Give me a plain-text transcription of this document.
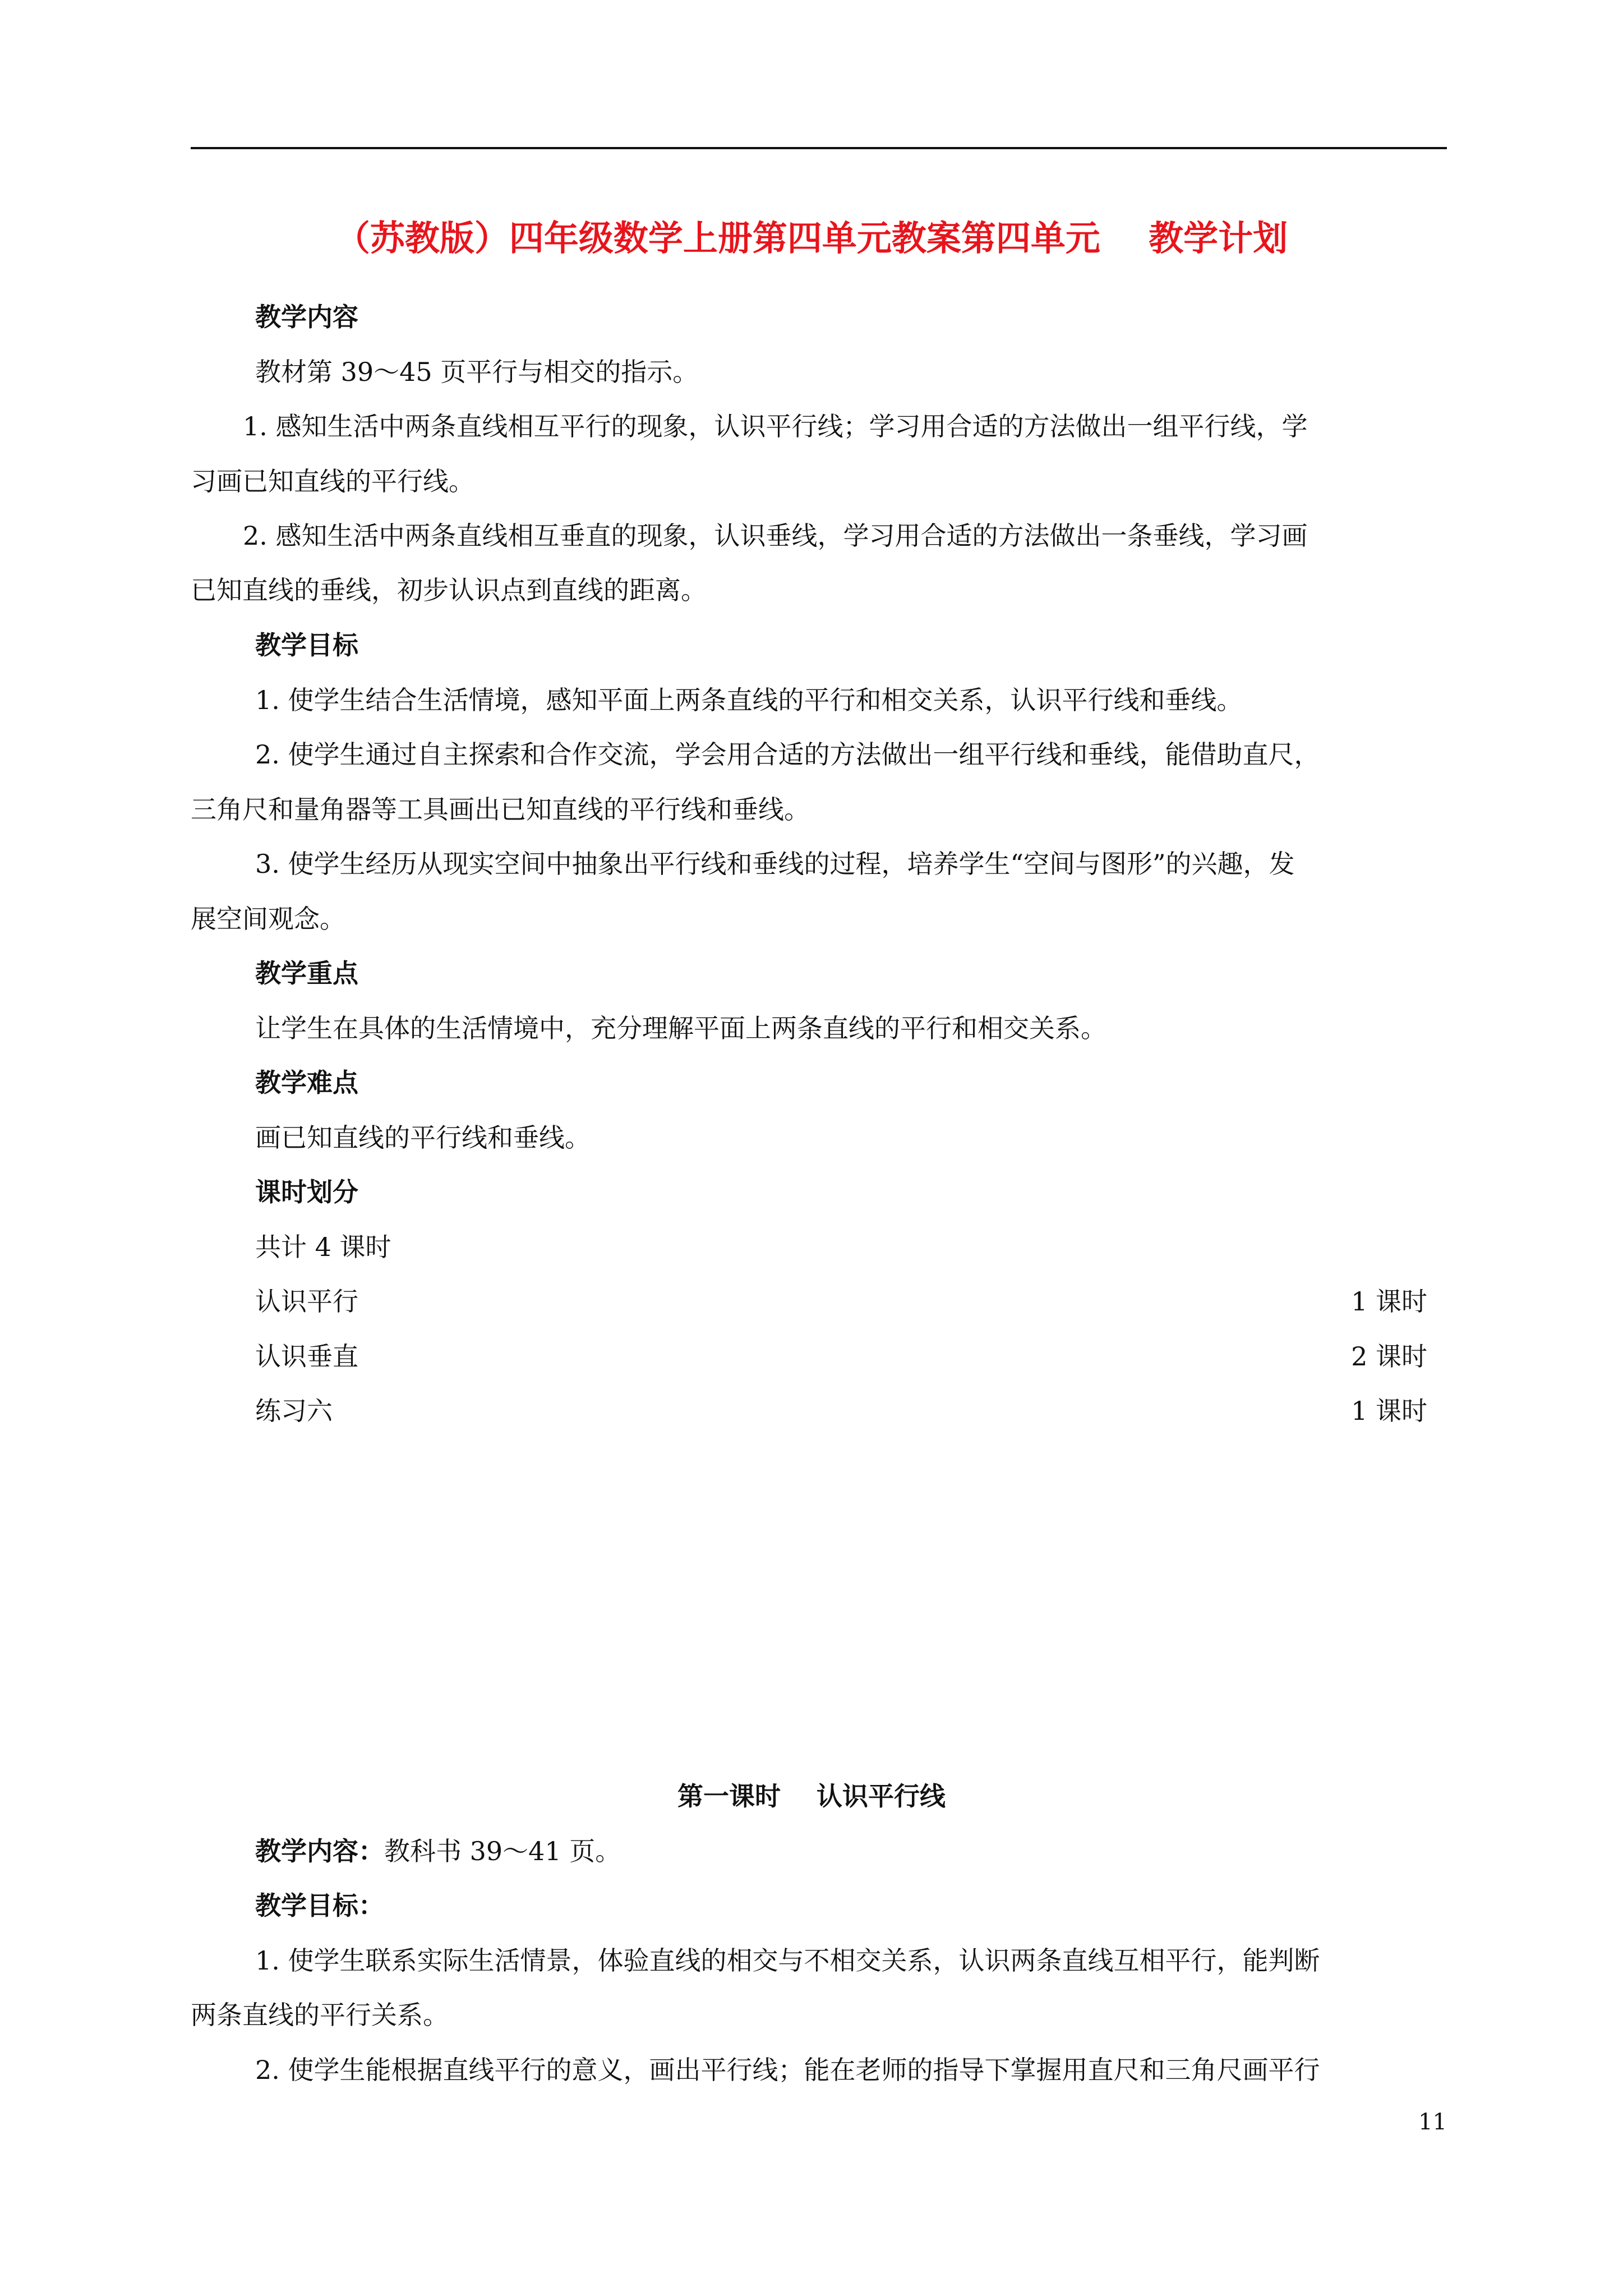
（苏教版）四年级数学上册第四单元教案第四单元    教学计划
教学内容
教材第 39～45 页平行与相交的指示。
1. 感知生活中两条直线相互平行的现象，认识平行线；学习用合适的方法做出一组平行线，学
习画已知直线的平行线。
2. 感知生活中两条直线相互垂直的现象，认识垂线，学习用合适的方法做出一条垂线，学习画
已知直线的垂线，初步认识点到直线的距离。
教学目标
1. 使学生结合生活情境，感知平面上两条直线的平行和相交关系，认识平行线和垂线。
2. 使学生通过自主探索和合作交流，学会用合适的方法做出一组平行线和垂线，能借助直尺，
三角尺和量角器等工具画出已知直线的平行线和垂线。
3. 使学生经历从现实空间中抽象出平行线和垂线的过程，培养学生“空间与图形”的兴趣，发
展空间观念。
教学重点
让学生在具体的生活情境中，充分理解平面上两条直线的平行和相交关系。
教学难点
画已知直线的平行线和垂线。
课时划分
共计 4 课时
认识平行	1 课时
认识垂直	2 课时
练习六	1 课时
第一课时    认识平行线
教学内容：教科书 39～41 页。
教学目标：
1. 使学生联系实际生活情景，体验直线的相交与不相交关系，认识两条直线互相平行，能判断
两条直线的平行关系。
2. 使学生能根据直线平行的意义，画出平行线；能在老师的指导下掌握用直尺和三角尺画平行
11
